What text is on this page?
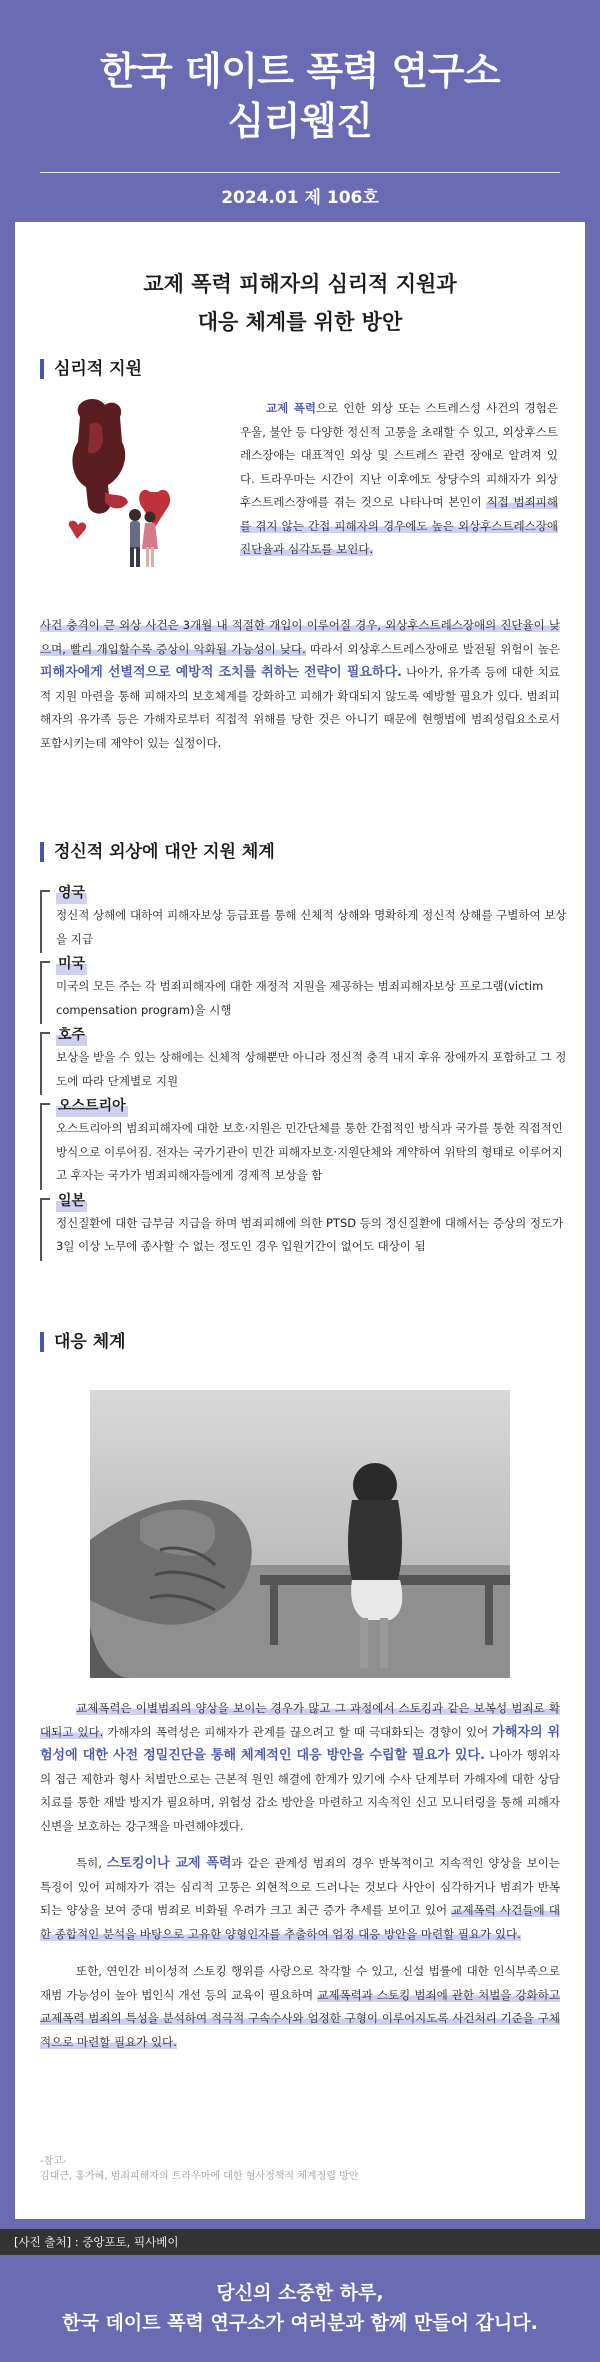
한국 데이트 폭력 연구소
심리웹진
2024.01 제 106호
교제 폭력 피해자의 심리적 지원과
대응 체계를 위한 방안
심리적 지원
교제 폭력으로 인한 외상 또는 스트레스성 사건의 경험은 우울, 불안 등 다양한 정신적 고통을 초래할 수 있고, 외상후스트레스장애는 대표적인 외상 및 스트레스 관련 장애로 알려져 있다. 트라우마는 시간이 지난 이후에도 상당수의 피해자가 외상후스트레스장애를 겪는 것으로 나타나며 본인이 직접 범죄피해를 겪지 않는 간접 피해자의 경우에도 높은 외상후스트레스장애 진단율과 심각도를 보인다.
사건 충격이 큰 외상 사건은 3개월 내 적절한 개입이 이루어질 경우, 외상후스트레스장애의 진단율이 낮으며, 빨리 개입할수록 증상이 악화될 가능성이 낮다. 따라서 외상후스트레스장애로 발전될 위험이 높은 피해자에게 선별적으로 예방적 조치를 취하는 전략이 필요하다. 나아가, 유가족 등에 대한 치료적 지원 마련을 통해 피해자의 보호체계를 강화하고 피해가 확대되지 않도록 예방할 필요가 있다. 범죄피해자의 유가족 등은 가해자로부터 직접적 위해를 당한 것은 아니기 때문에 현행법에 범죄성립요소로서 포함시키는데 제약이 있는 실정이다.
정신적 외상에 대안 지원 체계
영국
정신적 상해에 대하여 피해자보상 등급표를 통해 신체적 상해와 명확하게 정신적 상해를 구별하여 보상을 지급
미국
미국의 모든 주는 각 범죄피해자에 대한 재정적 지원을 제공하는 범죄피해자보상 프로그램(victim compensation program)을 시행
호주
보상을 받을 수 있는 상해에는 신체적 상해뿐만 아니라 정신적 충격 내지 후유 장애까지 포함하고 그 정도에 따라 단계별로 지원
오스트리아
오스트리아의 범죄피해자에 대한 보호·지원은 민간단체를 통한 간접적인 방식과 국가를 통한 직접적인 방식으로 이루어짐. 전자는 국가기관이 민간 피해자보호·지원단체와 계약하여 위탁의 형태로 이루어지고 후자는 국가가 범죄피해자들에게 경제적 보상을 함
일본
정신질환에 대한 급부금 지급을 하며 범죄피해에 의한 PTSD 등의 정신질환에 대해서는 증상의 정도가 3일 이상 노무에 종사할 수 없는 정도인 경우 입원기간이 없어도 대상이 됨
대응 체계

교제폭력은 이별범죄의 양상을 보이는 경우가 많고 그 과정에서 스토킹과 같은 보복성 범죄로 확대되고 있다. 가해자의 폭력성은 피해자가 관계를 끊으려고 할 때 극대화되는 경향이 있어 가해자의 위험성에 대한 사전 정밀진단을 통해 체계적인 대응 방안을 수립할 필요가 있다. 나아가 행위자의 접근 제한과 형사 처벌만으로는 근본적 원인 해결에 한계가 있기에 수사 단계부터 가해자에 대한 상담 치료를 통한 재발 방지가 필요하며, 위험성 감소 방안을 마련하고 지속적인 신고 모니터링을 통해 피해자 신변을 보호하는 강구책을 마련해야겠다.

특히, 스토킹이나 교제 폭력과 같은 관계성 범죄의 경우 반복적이고 지속적인 양상을 보이는 특징이 있어 피해자가 겪는 심리적 고통은 외현적으로 드러나는 것보다 사안이 심각하거나 범죄가 반복되는 양상을 보여 중대 범죄로 비화될 우려가 크고 최근 증가 추세를 보이고 있어 교제폭력 사건들에 대한 종합적인 분석을 바탕으로 고유한 양형인자를 추출하여 엄정 대응 방안을 마련할 필요가 있다.

또한, 연인간 비이성적 스토킹 행위를 사랑으로 착각할 수 있고, 신설 법률에 대한 인식부족으로 재범 가능성이 높아 법인식 개선 등의 교육이 필요하며 교제폭력과 스토킹 범죄에 관한 처벌을 강화하고 교제폭력 범죄의 특성을 분석하여 적극적 구속수사와 엄정한 구형이 이루어지도록 사건처리 기준을 구체적으로 마련할 필요가 있다.

-참고-
김대근, 홍가혜, 범죄피해자의 트라우마에 대한 형사정책적 체계정립 방안
[사진 출처] : 중앙포토, 픽사베이
당신의 소중한 하루,
한국 데이트 폭력 연구소가 여러분과 함께 만들어 갑니다.
